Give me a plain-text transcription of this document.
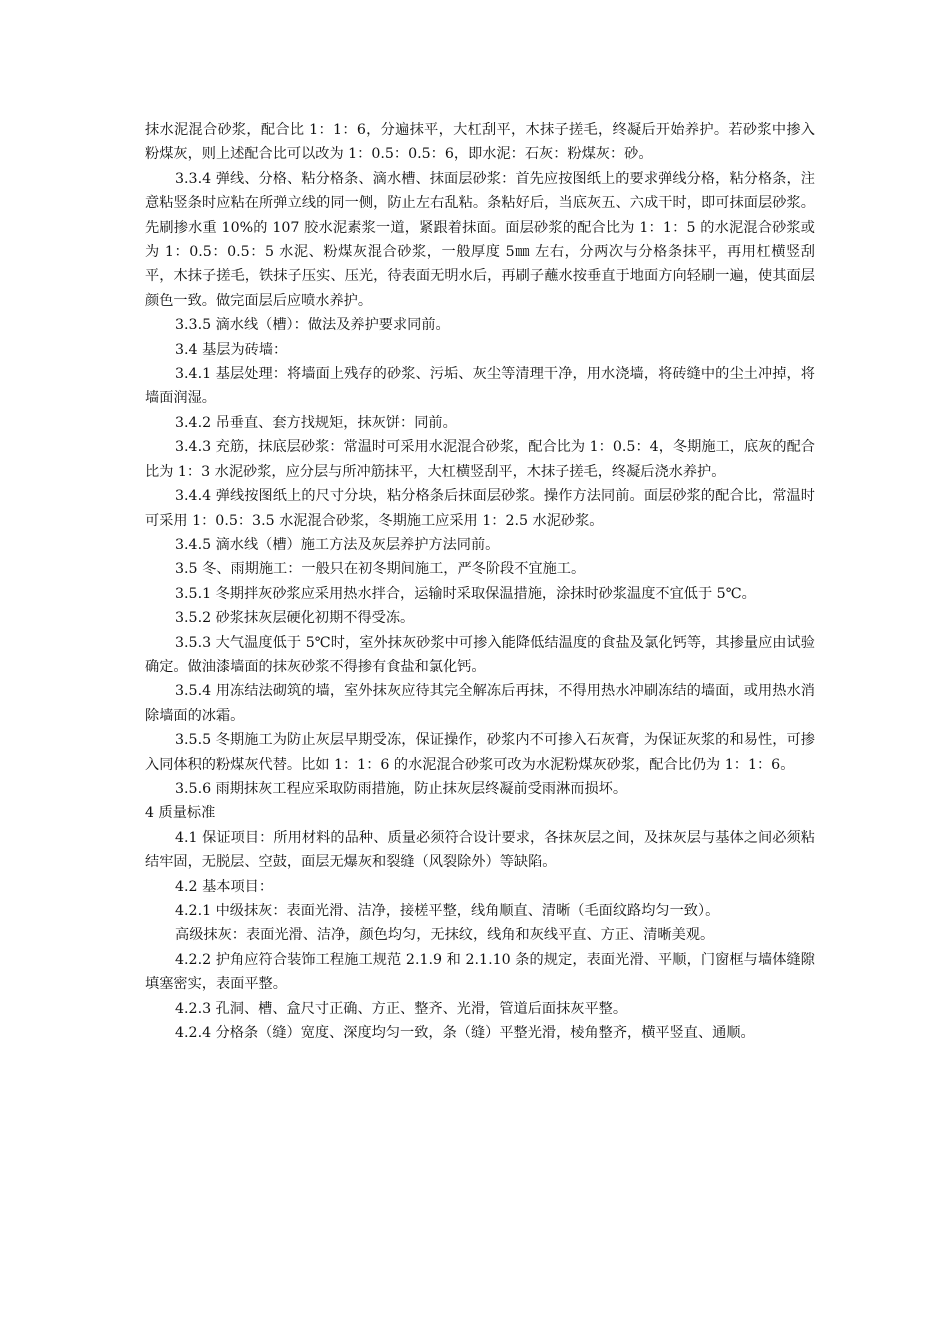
抹水泥混合砂浆，配合比 1：1：6，分遍抹平，大杠刮平，木抹子搓毛，终凝后开始养护。若砂浆中掺入粉煤灰，则上述配合比可以改为 1：0.5：0.5：6，即水泥：石灰：粉煤灰：砂。

3.3.4 弹线、分格、粘分格条、滴水槽、抹面层砂浆：首先应按图纸上的要求弹线分格，粘分格条，注意粘竖条时应粘在所弹立线的同一侧，防止左右乱粘。条粘好后，当底灰五、六成干时，即可抹面层砂浆。先刷掺水重 10%的 107 胶水泥素浆一道，紧跟着抹面。面层砂浆的配合比为 1：1：5 的水泥混合砂浆或为 1：0.5：0.5：5 水泥、粉煤灰混合砂浆，一般厚度 5㎜ 左右，分两次与分格条抹平，再用杠横竖刮平，木抹子搓毛，铁抹子压实、压光，待表面无明水后，再刷子蘸水按垂直于地面方向轻刷一遍，使其面层颜色一致。做完面层后应喷水养护。

3.3.5 滴水线（槽）：做法及养护要求同前。

3.4 基层为砖墙：

3.4.1 基层处理：将墙面上残存的砂浆、污垢、灰尘等清理干净，用水浇墙，将砖缝中的尘土冲掉，将墙面润湿。

3.4.2 吊垂直、套方找规矩，抹灰饼：同前。

3.4.3 充筋，抹底层砂浆：常温时可采用水泥混合砂浆，配合比为 1：0.5：4，冬期施工，底灰的配合比为 1：3 水泥砂浆，应分层与所冲筋抹平，大杠横竖刮平，木抹子搓毛，终凝后浇水养护。

3.4.4 弹线按图纸上的尺寸分块，粘分格条后抹面层砂浆。操作方法同前。面层砂浆的配合比，常温时可采用 1：0.5：3.5 水泥混合砂浆，冬期施工应采用 1：2.5 水泥砂浆。

3.4.5 滴水线（槽）施工方法及灰层养护方法同前。

3.5 冬、雨期施工：一般只在初冬期间施工，严冬阶段不宜施工。

3.5.1 冬期拌灰砂浆应采用热水拌合，运输时采取保温措施，涂抹时砂浆温度不宜低于 5℃。

3.5.2 砂浆抹灰层硬化初期不得受冻。

3.5.3 大气温度低于 5℃时，室外抹灰砂浆中可掺入能降低结温度的食盐及氯化钙等，其掺量应由试验确定。做油漆墙面的抹灰砂浆不得掺有食盐和氯化钙。

3.5.4 用冻结法砌筑的墙，室外抹灰应待其完全解冻后再抹，不得用热水冲刷冻结的墙面，或用热水消除墙面的冰霜。

3.5.5 冬期施工为防止灰层早期受冻，保证操作，砂浆内不可掺入石灰膏，为保证灰浆的和易性，可掺入同体积的粉煤灰代替。比如 1：1：6 的水泥混合砂浆可改为水泥粉煤灰砂浆，配合比仍为 1：1：6。

3.5.6 雨期抹灰工程应采取防雨措施，防止抹灰层终凝前受雨淋而损坏。

4 质量标准

4.1 保证项目：所用材料的品种、质量必须符合设计要求，各抹灰层之间，及抹灰层与基体之间必须粘结牢固，无脱层、空鼓，面层无爆灰和裂缝（风裂除外）等缺陷。

4.2 基本项目：

4.2.1 中级抹灰：表面光滑、洁净，接槎平整，线角顺直、清晰（毛面纹路均匀一致）。

高级抹灰：表面光滑、洁净，颜色均匀，无抹纹，线角和灰线平直、方正、清晰美观。

4.2.2 护角应符合装饰工程施工规范 2.1.9 和 2.1.10 条的规定，表面光滑、平顺，门窗框与墙体缝隙填塞密实，表面平整。

4.2.3 孔洞、槽、盒尺寸正确、方正、整齐、光滑，管道后面抹灰平整。

4.2.4 分格条（缝）宽度、深度均匀一致，条（缝）平整光滑，棱角整齐，横平竖直、通顺。
